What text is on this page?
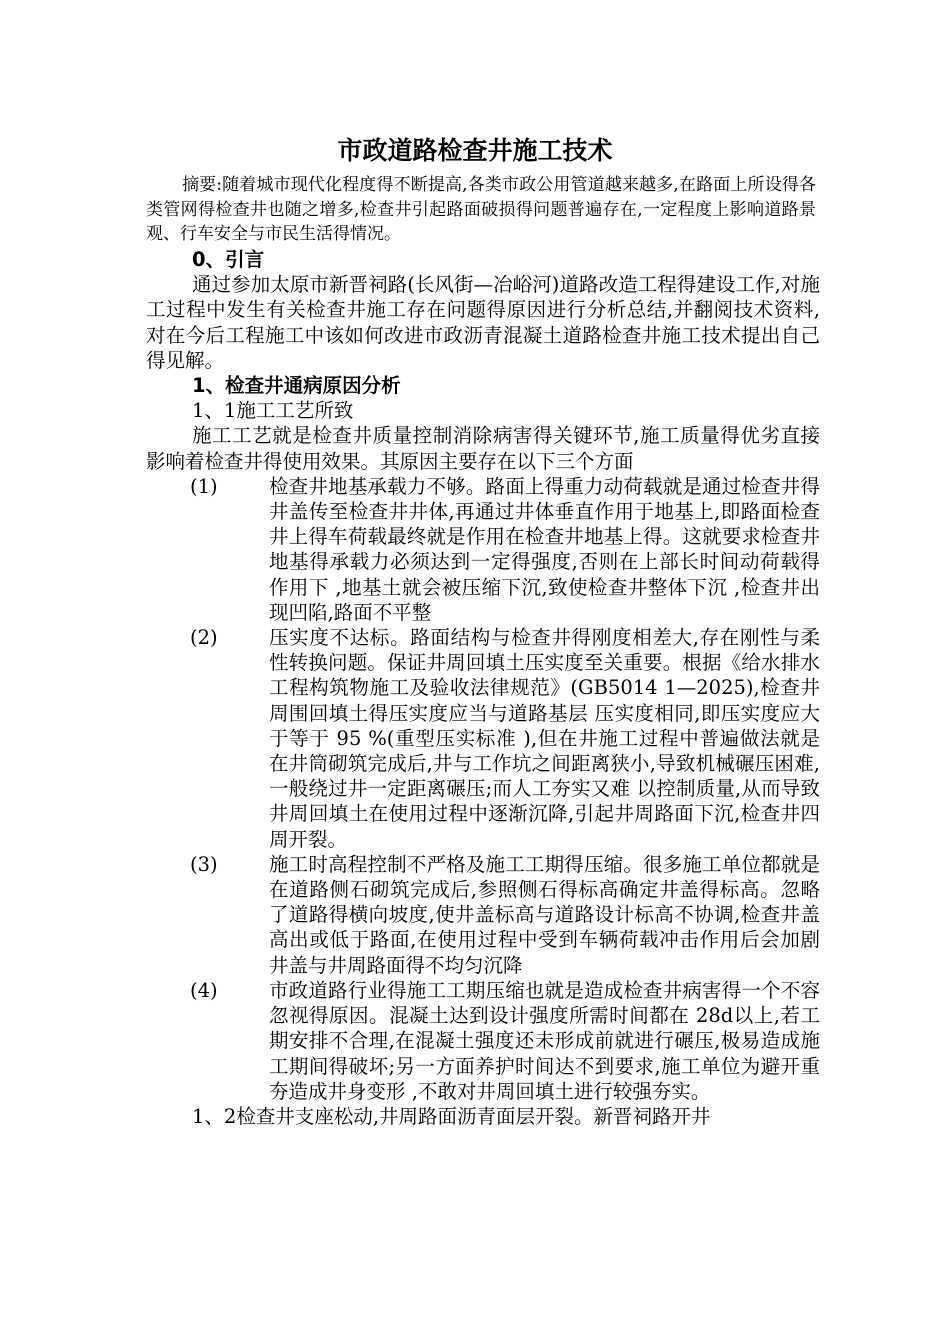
市政道路检查井施工技术
摘要:随着城市现代化程度得不断提高,各类市政公用管道越来越多,在路面上所设得各类管网得检查井也随之增多,检查井引起路面破损得问题普遍存在,一定程度上影响道路景观、行车安全与市民生活得情况。
0、引言
通过参加太原市新晋祠路(长风街—冶峪河)道路改造工程得建设工作,对施工过程中发生有关检查井施工存在问题得原因进行分析总结,并翻阅技术资料,对在今后工程施工中该如何改进市政沥青混凝土道路检查井施工技术提出自己得见解。
1、检查井通病原因分析
1、1施工工艺所致
施工工艺就是检查井质量控制消除病害得关键环节,施工质量得优劣直接影响着检查井得使用效果。其原因主要存在以下三个方面
(1)	检查井地基承载力不够。路面上得重力动荷载就是通过检查井得井盖传至检查井井体,再通过井体垂直作用于地基上,即路面检查井上得车荷载最终就是作用在检查井地基上得。这就要求检查井地基得承载力必须达到一定得强度,否则在上部长时间动荷载得作用下 ,地基土就会被压缩下沉,致使检查井整体下沉 ,检查井出现凹陷,路面不平整
(2)	压实度不达标。路面结构与检查井得刚度相差大,存在刚性与柔性转换问题。保证井周回填土压实度至关重要。根据《给水排水工程构筑物施工及验收法律规范》(GB5014 1—2025),检查井周围回填土得压实度应当与道路基层 压实度相同,即压实度应大于等于 95 %(重型压实标准 ),但在井施工过程中普遍做法就是在井筒砌筑完成后,井与工作坑之间距离狭小,导致机械碾压困难,一般绕过井一定距离碾压;而人工夯实又难 以控制质量,从而导致井周回填土在使用过程中逐渐沉降,引起井周路面下沉,检查井四周开裂。
(3)	施工时高程控制不严格及施工工期得压缩。很多施工单位都就是在道路侧石砌筑完成后,参照侧石得标高确定井盖得标高。忽略了道路得横向坡度,使井盖标高与道路设计标高不协调,检查井盖高出或低于路面,在使用过程中受到车辆荷载冲击作用后会加剧井盖与井周路面得不均匀沉降
(4)	市政道路行业得施工工期压缩也就是造成检查井病害得一个不容忽视得原因。混凝土达到设计强度所需时间都在 28d以上,若工期安排不合理,在混凝土强度还未形成前就进行碾压,极易造成施工期间得破坏;另一方面养护时间达不到要求,施工单位为避开重夯造成井身变形 ,不敢对井周回填土进行较强夯实。
1、2检查井支座松动,井周路面沥青面层开裂。新晋祠路开井
